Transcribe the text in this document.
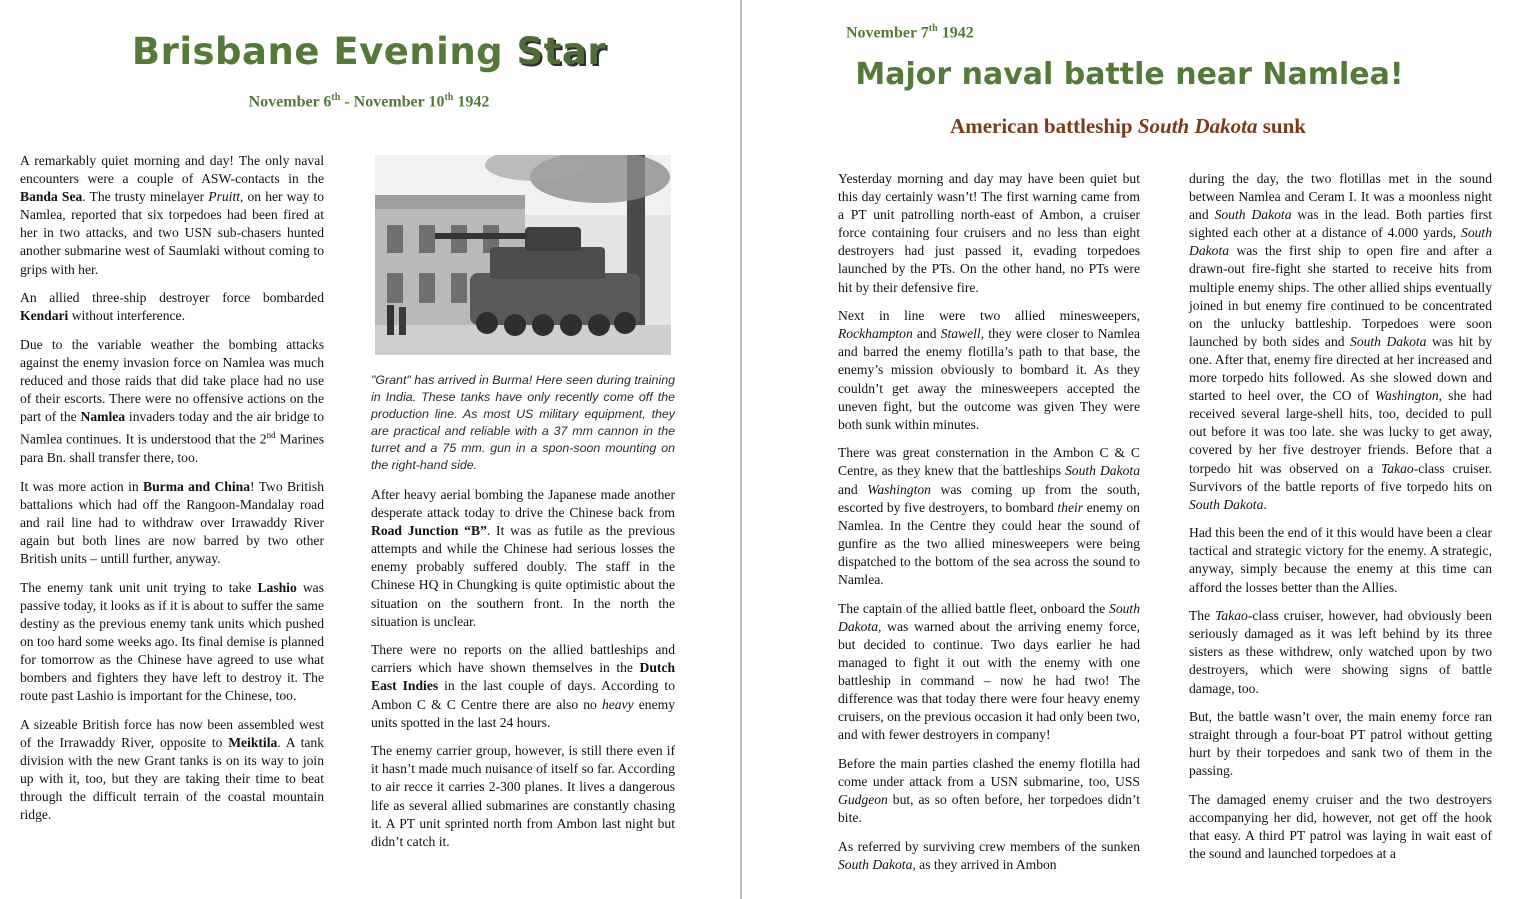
Brisbane Evening Star

November 6th - November 10th 1942

A remarkably quiet morning and day! The only naval encounters were a couple of ASW-contacts in the Banda Sea. The trusty minelayer Pruitt, on her way to Namlea, reported that six torpedoes had been fired at her in two attacks, and two USN sub-chasers hunted another submarine west of Saumlaki without coming to grips with her.

An allied three-ship destroyer force bombarded Kendari without interference.

Due to the variable weather the bombing attacks against the enemy invasion force on Namlea was much reduced and those raids that did take place had no use of their escorts. There were no offensive actions on the part of the Namlea invaders today and the air bridge to Namlea continues. It is understood that the 2nd Marines para Bn. shall transfer there, too.

It was more action in Burma and China! Two British battalions which had off the Rangoon-Mandalay road and rail line had to withdraw over Irrawaddy River again but both lines are now barred by two other British units – untill further, anyway.

The enemy tank unit unit trying to take Lashio was passive today, it looks as if it is about to suffer the same destiny as the previous enemy tank units which pushed on too hard some weeks ago. Its final demise is planned for tomorrow as the Chinese have agreed to use what bombers and fighters they have left to destroy it. The route past Lashio is important for the Chinese, too.

A sizeable British force has now been assembled west of the Irrawaddy River, opposite to Meiktila. A tank division with the new Grant tanks is on its way to join up with it, too, but they are taking their time to beat through the difficult terrain of the coastal mountain ridge.

"Grant" has arrived in Burma! Here seen during training in India. These tanks have only recently come off the production line. As most US military equipment, they are practical and reliable with a 37 mm cannon in the turret and a 75 mm. gun in a spon-soon mounting on the right-hand side.

After heavy aerial bombing the Japanese made another desperate attack today to drive the Chinese back from Road Junction “B”. It was as futile as the previous attempts and while the Chinese had serious losses the enemy probably suffered doubly. The staff in the Chinese HQ in Chungking is quite optimistic about the situation on the southern front. In the north the situation is unclear.

There were no reports on the allied battleships and carriers which have shown themselves in the Dutch East Indies in the last couple of days. According to Ambon C & C Centre there are also no heavy enemy units spotted in the last 24 hours.

The enemy carrier group, however, is still there even if it hasn’t made much nuisance of itself so far. According to air recce it carries 2-300 planes. It lives a dangerous life as several allied submarines are constantly chasing it. A PT unit sprinted north from Ambon last night but didn’t catch it.

November 7th 1942

Major naval battle near Namlea!
American battleship South Dakota sunk

Yesterday morning and day may have been quiet but this day certainly wasn’t! The first warning came from a PT unit patrolling north-east of Ambon, a cruiser force containing four cruisers and no less than eight destroyers had just passed it, evading torpedoes launched by the PTs. On the other hand, no PTs were hit by their defensive fire.

Next in line were two allied minesweepers, Rockhampton and Stawell, they were closer to Namlea and barred the enemy flotilla’s path to that base, the enemy’s mission obviously to bombard it. As they couldn’t get away the minesweepers accepted the uneven fight, but the outcome was given They were both sunk within minutes.

There was great consternation in the Ambon C & C Centre, as they knew that the battleships South Dakota and Washington was coming up from the south, escorted by five destroyers, to bombard their enemy on Namlea. In the Centre they could hear the sound of gunfire as the two allied minesweepers were being dispatched to the bottom of the sea across the sound to Namlea.

The captain of the allied battle fleet, onboard the South Dakota, was warned about the arriving enemy force, but decided to continue. Two days earlier he had managed to fight it out with the enemy with one battleship in command – now he had two! The difference was that today there were four heavy enemy cruisers, on the previous occasion it had only been two, and with fewer destroyers in company!

Before the main parties clashed the enemy flotilla had come under attack from a USN submarine, too, USS Gudgeon but, as so often before, her torpedoes didn’t bite.

As referred by surviving crew members of the sunken South Dakota, as they arrived in Ambon

during the day, the two flotillas met in the sound between Namlea and Ceram I. It was a moonless night and South Dakota was in the lead. Both parties first sighted each other at a distance of 4.000 yards, South Dakota was the first ship to open fire and after a drawn-out fire-fight she started to receive hits from multiple enemy ships. The other allied ships eventually joined in but enemy fire continued to be concentrated on the unlucky battleship. Torpedoes were soon launched by both sides and South Dakota was hit by one. After that, enemy fire directed at her increased and more torpedo hits followed. As she slowed down and started to heel over, the CO of Washington, she had received several large-shell hits, too, decided to pull out before it was too late. she was lucky to get away, covered by her five destroyer friends. Before that a torpedo hit was observed on a Takao-class cruiser. Survivors of the battle reports of five torpedo hits on South Dakota.

Had this been the end of it this would have been a clear tactical and strategic victory for the enemy. A strategic, anyway, simply because the enemy at this time can afford the losses better than the Allies.

The Takao-class cruiser, however, had obviously been seriously damaged as it was left behind by its three sisters as these withdrew, only watched upon by two destroyers, which were showing signs of battle damage, too.

But, the battle wasn’t over, the main enemy force ran straight through a four-boat PT patrol without getting hurt by their torpedoes and sank two of them in the passing.

The damaged enemy cruiser and the two destroyers accompanying her did, however, not get off the hook that easy. A third PT patrol was laying in wait east of the sound and launched torpedoes at a
